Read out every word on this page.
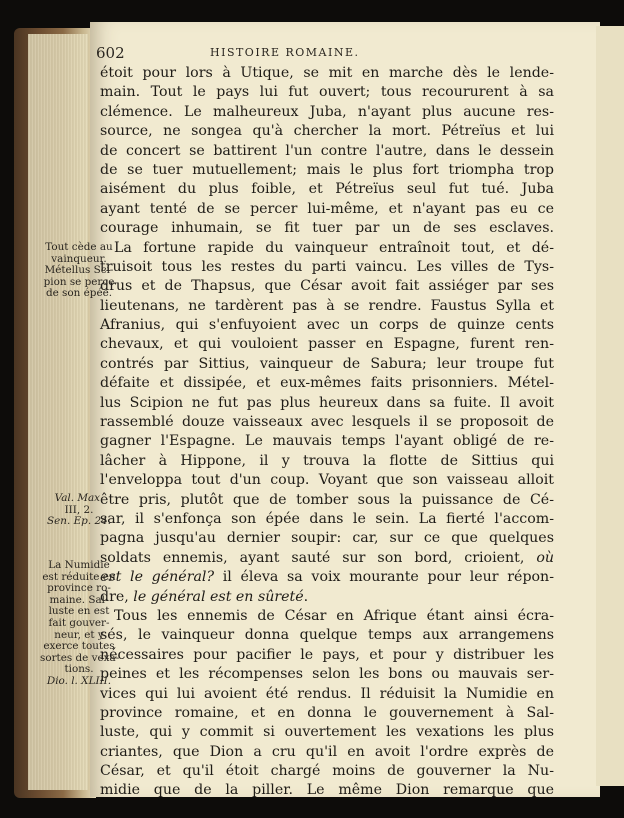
602	HISTOIRE ROMAINE.
étoit pour lors à Utique, se mit en marche dès le lende-
main. Tout le pays lui fut ouvert; tous recoururent à sa
clémence. Le malheureux Juba, n'ayant plus aucune res-
source, ne songea qu'à chercher la mort. Pétreïus et lui
de concert se battirent l'un contre l'autre, dans le dessein
de se tuer mutuellement; mais le plus fort triompha trop
aisément du plus foible, et Pétreïus seul fut tué. Juba
ayant tenté de se percer lui-même, et n'ayant pas eu ce
courage inhumain, se fit tuer par un de ses esclaves.
La fortune rapide du vainqueur entraînoit tout, et dé-
truisoit tous les restes du parti vaincu. Les villes de Tys-
drus et de Thapsus, que César avoit fait assiéger par ses
lieutenans, ne tardèrent pas à se rendre. Faustus Sylla et
Afranius, qui s'enfuyoient avec un corps de quinze cents
chevaux, et qui vouloient passer en Espagne, furent ren-
contrés par Sittius, vainqueur de Sabura; leur troupe fut
défaite et dissipée, et eux-mêmes faits prisonniers. Métel-
lus Scipion ne fut pas plus heureux dans sa fuite. Il avoit
rassemblé douze vaisseaux avec lesquels il se proposoit de
gagner l'Espagne. Le mauvais temps l'ayant obligé de re-
lâcher à Hippone, il y trouva la flotte de Sittius qui
l'enveloppa tout d'un coup. Voyant que son vaisseau alloit
être pris, plutôt que de tomber sous la puissance de Cé-
sar, il s'enfonça son épée dans le sein. La fierté l'accom-
pagna jusqu'au dernier soupir: car, sur ce que quelques
soldats ennemis, ayant sauté sur son bord, crioient, où
est le général? il éleva sa voix mourante pour leur répon-
dre, le général est en sûreté.
Tous les ennemis de César en Afrique étant ainsi écra-
sés, le vainqueur donna quelque temps aux arrangemens
nécessaires pour pacifier le pays, et pour y distribuer les
peines et les récompenses selon les bons ou mauvais ser-
vices qui lui avoient été rendus. Il réduisit la Numidie en
province romaine, et en donna le gouvernement à Sal-
luste, qui y commit si ouvertement les vexations les plus
criantes, que Dion a cru qu'il en avoit l'ordre exprès de
César, et qu'il étoit chargé moins de gouverner la Nu-
midie que de la piller. Le même Dion remarque que
Tout cède au
vainqueur.
Métellus Sci-
pion se perce
de son épée.
Val. Max.
III, 2.
Sen. Ep. 24.
La Numidie
est réduite en
province ro-
maine. Sal-
luste en est
fait gouver-
neur, et y
exerce toutes
sortes de vexa-
tions.
Dio. l. XLIII.
